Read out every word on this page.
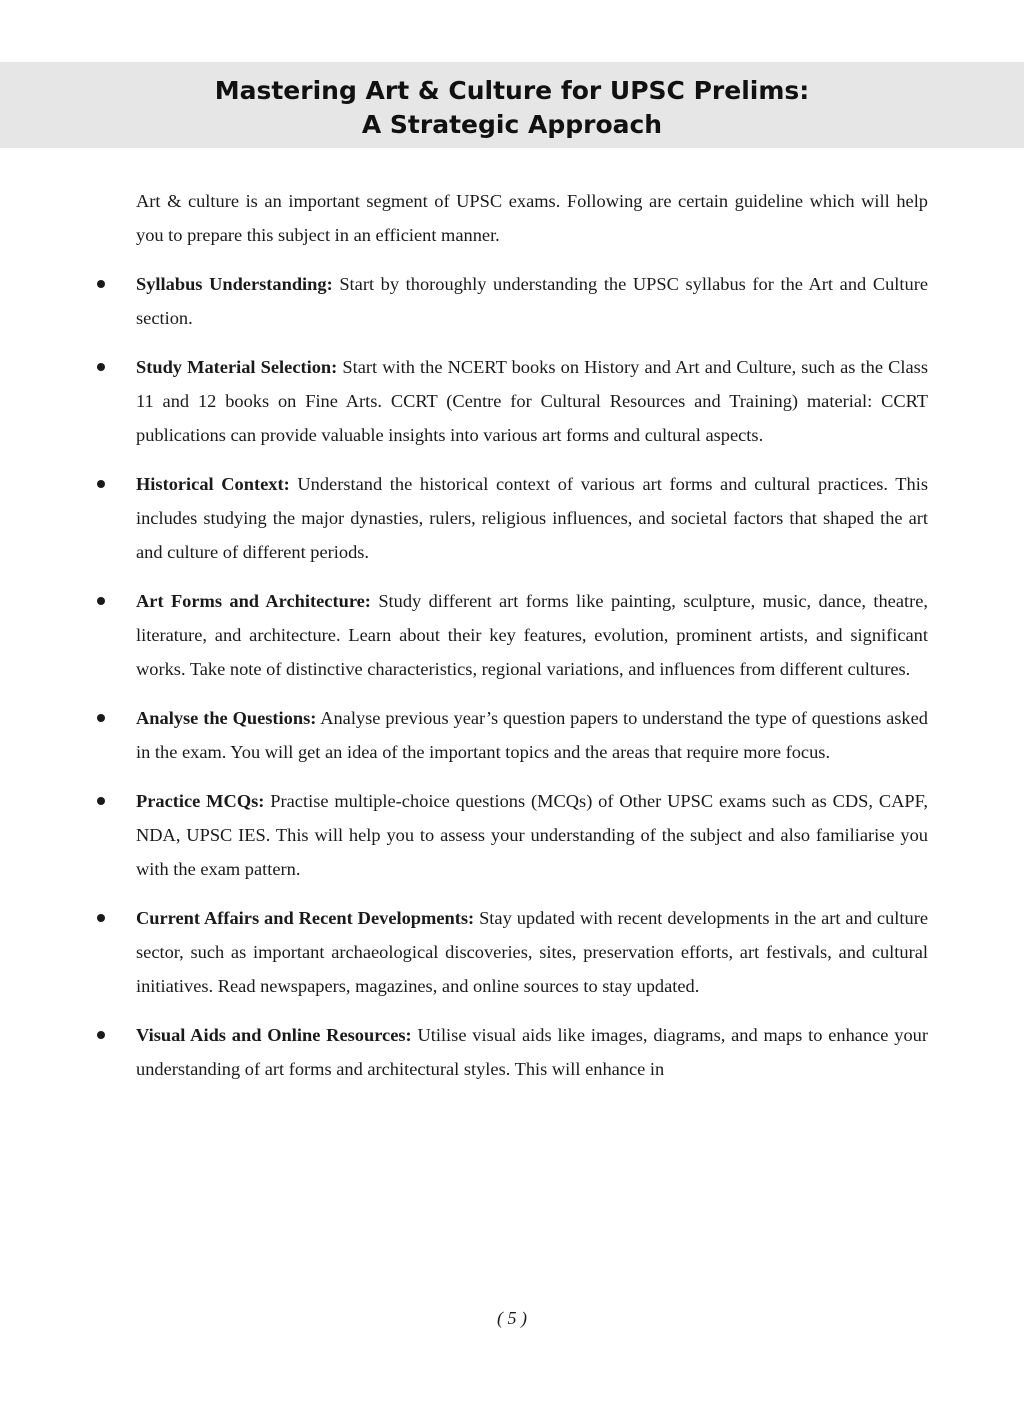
Mastering Art & Culture for UPSC Prelims:
A Strategic Approach

Art & culture is an important segment of UPSC exams. Following are certain guideline which will help you to prepare this subject in an efficient manner.

Syllabus Understanding: Start by thoroughly understanding the UPSC syllabus for the Art and Culture section.
Study Material Selection: Start with the NCERT books on History and Art and Culture, such as the Class 11 and 12 books on Fine Arts. CCRT (Centre for Cultural Resources and Training) material: CCRT publications can provide valuable insights into various art forms and cultural aspects.
Historical Context: Understand the historical context of various art forms and cultural practices. This includes studying the major dynasties, rulers, religious influences, and societal factors that shaped the art and culture of different periods.
Art Forms and Architecture: Study different art forms like painting, sculpture, music, dance, theatre, literature, and architecture. Learn about their key features, evolution, prominent artists, and significant works. Take note of distinctive characteristics, regional variations, and influences from different cultures.
Analyse the Questions: Analyse previous year’s question papers to understand the type of questions asked in the exam. You will get an idea of the important topics and the areas that require more focus.
Practice MCQs: Practise multiple-choice questions (MCQs) of Other UPSC exams such as CDS, CAPF, NDA, UPSC IES. This will help you to assess your understanding of the subject and also familiarise you with the exam pattern.
Current Affairs and Recent Developments: Stay updated with recent developments in the art and culture sector, such as important archaeological discoveries, sites, preservation efforts, art festivals, and cultural initiatives. Read newspapers, magazines, and online sources to stay updated.
Visual Aids and Online Resources: Utilise visual aids like images, diagrams, and maps to enhance your understanding of art forms and architectural styles. This will enhance in
( 5 )
